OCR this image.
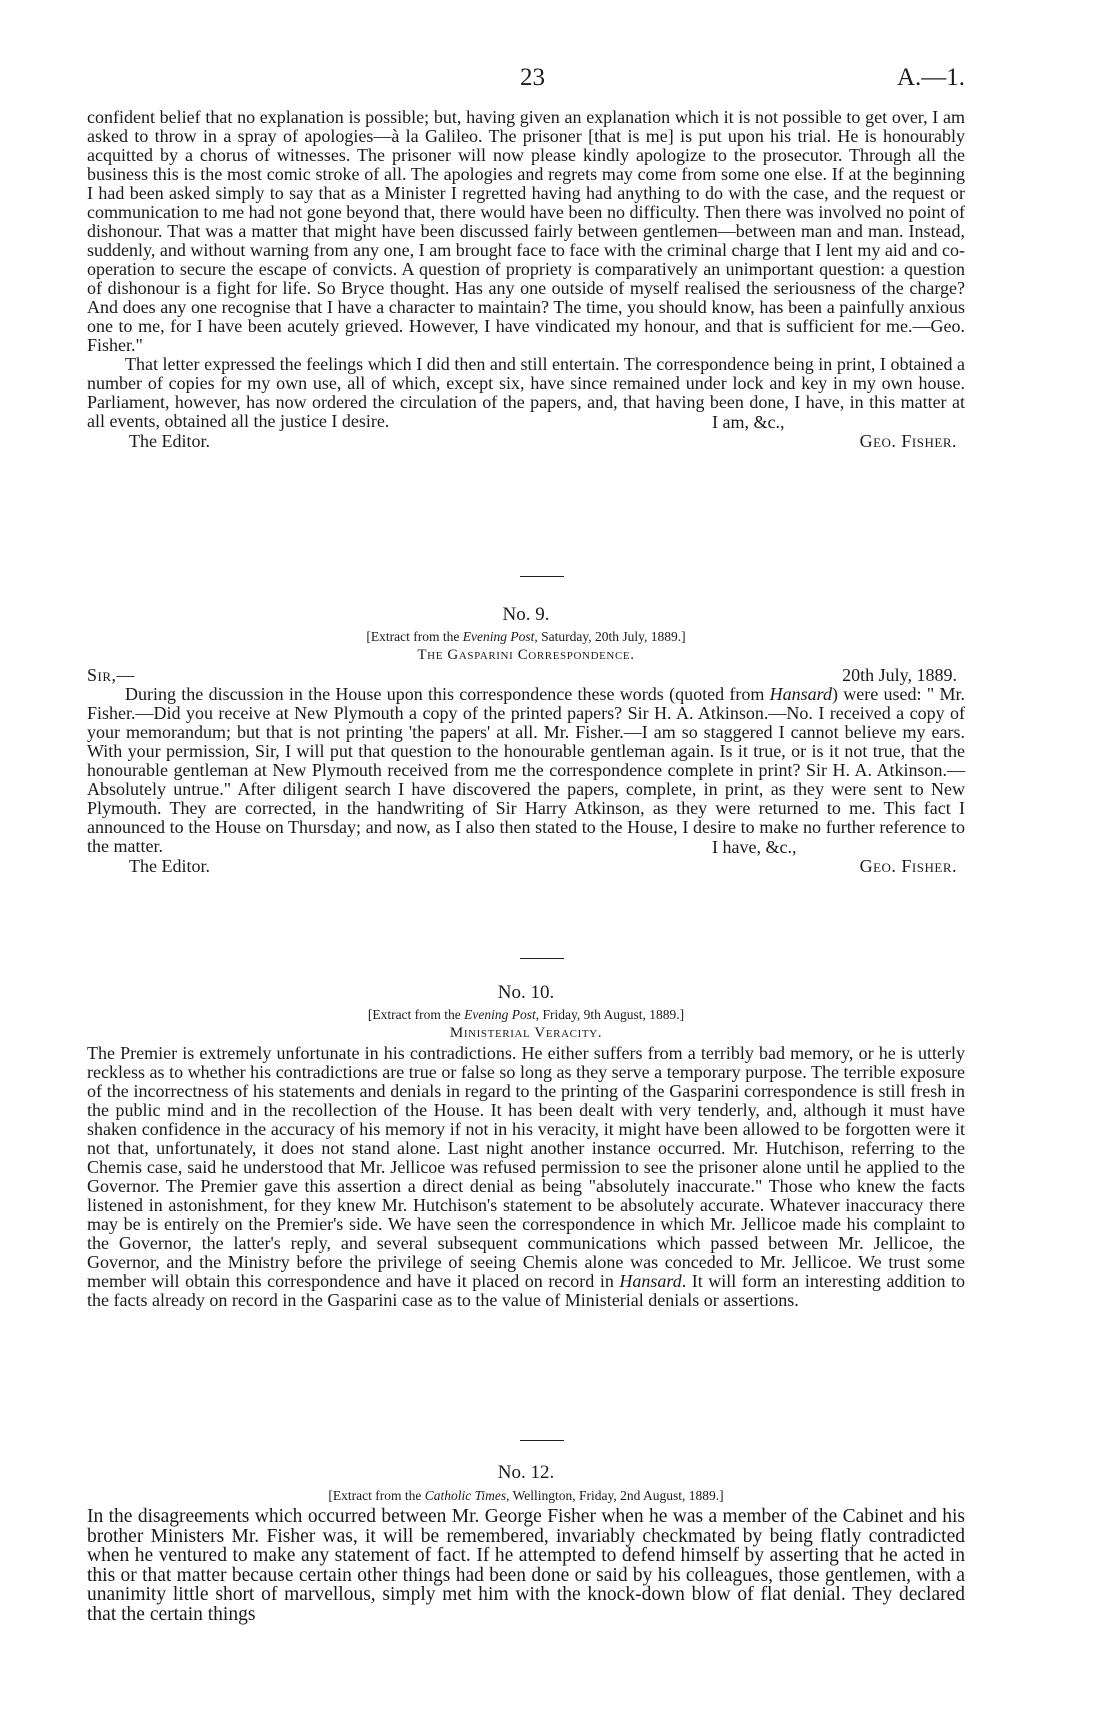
23	A.—1.

confident belief that no explanation is possible; but, having given an explanation which it is not possible to get over, I am asked to throw in a spray of apologies—à la Galileo. The prisoner [that is me] is put upon his trial. He is honourably acquitted by a chorus of witnesses. The prisoner will now please kindly apologize to the prosecutor. Through all the business this is the most comic stroke of all. The apologies and regrets may come from some one else. If at the beginning I had been asked simply to say that as a Minister I regretted having had anything to do with the case, and the request or communication to me had not gone beyond that, there would have been no difficulty. Then there was involved no point of dishonour. That was a matter that might have been discussed fairly between gentlemen—between man and man. Instead, suddenly, and without warning from any one, I am brought face to face with the criminal charge that I lent my aid and co-operation to secure the escape of convicts. A question of propriety is comparatively an unimportant question: a question of dishonour is a fight for life. So Bryce thought. Has any one outside of myself realised the seriousness of the charge? And does any one recognise that I have a character to maintain? The time, you should know, has been a painfully anxious one to me, for I have been acutely grieved. However, I have vindicated my honour, and that is sufficient for me.—Geo. Fisher."

That letter expressed the feelings which I did then and still entertain. The correspondence being in print, I obtained a number of copies for my own use, all of which, except six, have since remained under lock and key in my own house. Parliament, however, has now ordered the circulation of the papers, and, that having been done, I have, in this matter at all events, obtained all the justice I desire.	I am, &c.,
The Editor.	Geo. Fisher.
No. 9.
[Extract from the Evening Post, Saturday, 20th July, 1889.]
The Gasparini Correspondence.
Sir,—	20th July, 1889.

During the discussion in the House upon this correspondence these words (quoted from Hansard) were used: " Mr. Fisher.—Did you receive at New Plymouth a copy of the printed papers? Sir H. A. Atkinson.—No. I received a copy of your memorandum; but that is not printing 'the papers' at all. Mr. Fisher.—I am so staggered I cannot believe my ears. With your permission, Sir, I will put that question to the honourable gentleman again. Is it true, or is it not true, that the honourable gentleman at New Plymouth received from me the correspondence complete in print? Sir H. A. Atkinson.—Absolutely untrue." After diligent search I have discovered the papers, complete, in print, as they were sent to New Plymouth. They are corrected, in the handwriting of Sir Harry Atkinson, as they were returned to me. This fact I announced to the House on Thursday; and now, as I also then stated to the House, I desire to make no further reference to the matter.	I have, &c.,
The Editor.	Geo. Fisher.
No. 10.
[Extract from the Evening Post, Friday, 9th August, 1889.]
Ministerial Veracity.

The Premier is extremely unfortunate in his contradictions. He either suffers from a terribly bad memory, or he is utterly reckless as to whether his contradictions are true or false so long as they serve a temporary purpose. The terrible exposure of the incorrectness of his statements and denials in regard to the printing of the Gasparini correspondence is still fresh in the public mind and in the recollection of the House. It has been dealt with very tenderly, and, although it must have shaken confidence in the accuracy of his memory if not in his veracity, it might have been allowed to be forgotten were it not that, unfortunately, it does not stand alone. Last night another instance occurred. Mr. Hutchison, referring to the Chemis case, said he understood that Mr. Jellicoe was refused permission to see the prisoner alone until he applied to the Governor. The Premier gave this assertion a direct denial as being "absolutely inaccurate." Those who knew the facts listened in astonishment, for they knew Mr. Hutchison's statement to be absolutely accurate. Whatever inaccuracy there may be is entirely on the Premier's side. We have seen the correspondence in which Mr. Jellicoe made his complaint to the Governor, the latter's reply, and several subsequent communications which passed between Mr. Jellicoe, the Governor, and the Ministry before the privilege of seeing Chemis alone was conceded to Mr. Jellicoe. We trust some member will obtain this correspondence and have it placed on record in Hansard. It will form an interesting addition to the facts already on record in the Gasparini case as to the value of Ministerial denials or assertions.

No. 12.
[Extract from the Catholic Times, Wellington, Friday, 2nd August, 1889.]

In the disagreements which occurred between Mr. George Fisher when he was a member of the Cabinet and his brother Ministers Mr. Fisher was, it will be remembered, invariably checkmated by being flatly contradicted when he ventured to make any statement of fact. If he attempted to defend himself by asserting that he acted in this or that matter because certain other things had been done or said by his colleagues, those gentlemen, with a unanimity little short of marvellous, simply met him with the knock-down blow of flat denial. They declared that the certain things
